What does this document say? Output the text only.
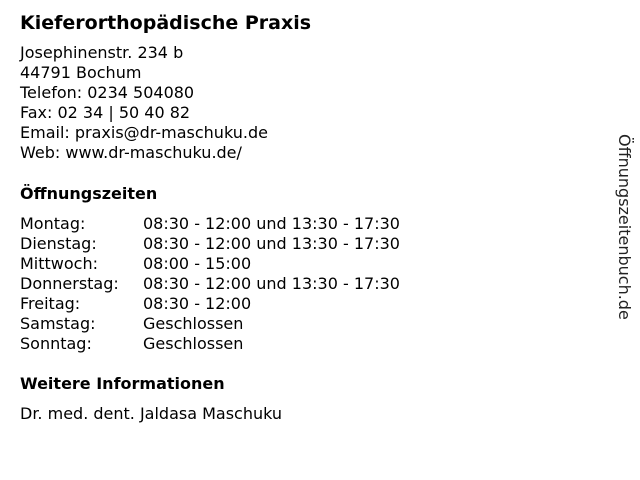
Kieferorthopädische Praxis
Josephinenstr. 234 b
44791 Bochum
Telefon: 0234 504080
Fax: 02 34 | 50 40 82
Email: praxis@dr-maschuku.de
Web: www.dr-maschuku.de/
Öffnungszeiten
Montag:	08:30 - 12:00 und 13:30 - 17:30
Dienstag:	08:30 - 12:00 und 13:30 - 17:30
Mittwoch:	08:00 - 15:00
Donnerstag:	08:30 - 12:00 und 13:30 - 17:30
Freitag:	08:30 - 12:00
Samstag:	Geschlossen
Sonntag:	Geschlossen
Weitere Informationen
Dr. med. dent. Jaldasa Maschuku
Öffnungszeitenbuch.de
